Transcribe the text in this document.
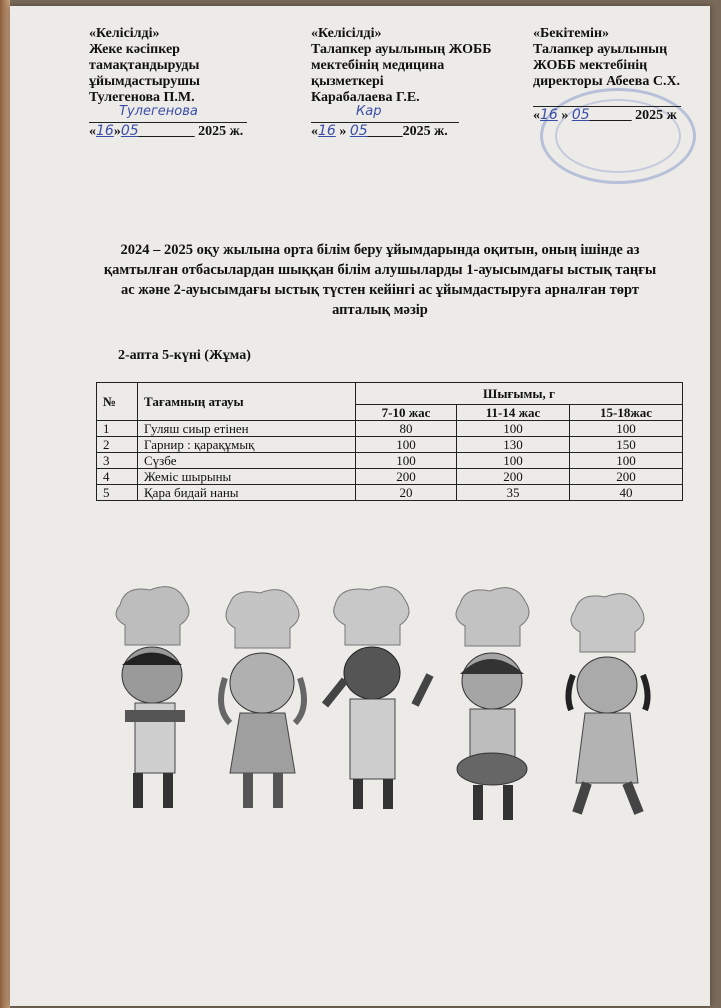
«Келісілді»
Жеке кәсіпкер
тамақтандыруды
ұйымдастырушы
Тулегенова П.М.
Тулегенова
«16»05________ 2025 ж.
«Келісілді»
Талапкер ауылының ЖОББ
мектебінің медицина
қызметкері
Карабалаева Г.Е.
Кар
«16 » 05_____2025 ж.
«Бекітемін»
Талапкер ауылының
ЖОББ мектебінің
директоры Абеева С.Х.
«16 » 05______ 2025 ж
2024 – 2025 оқу жылына орта білім беру ұйымдарында оқитын, оның ішінде аз қамтылған отбасылардан шыққан білім алушыларды 1-ауысымдағы ыстық таңғы ас және 2-ауысымдағы ыстық түстен кейінгі ас ұйымдастыруға арналған төрт апталық мәзір
2-апта 5-күні (Жұма)
№	Тағамның атауы	Шығымы, г		
		7-10 жас	11-14 жас	15-18жас
1	Гуляш сиыр етінен	80	100	100
2	Гарнир : қарақұмық	100	130	150
3	Сүзбе	100	100	100
4	Жеміс шырыны	200	200	200
5	Қара бидай наны	20	35	40
